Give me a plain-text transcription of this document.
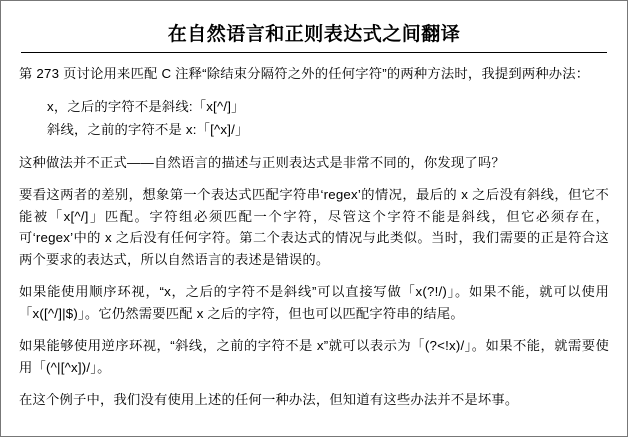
在自然语言和正则表达式之间翻译

第 273 页讨论用来匹配 C 注释“除结束分隔符之外的任何字符”的两种方法时，我提到两种办法：

x，之后的字符不是斜线:「x[^/]」
斜线，之前的字符不是 x:「[^x]/」

这种做法并不正式——自然语言的描述与正则表达式是非常不同的，你发现了吗？

要看这两者的差别，想象第一个表达式匹配字符串‘regex’的情况，最后的 x 之后没有斜线，但它不能被「x[^/]」匹配。字符组必须匹配一个字符，尽管这个字符不能是斜线，但它必须存在，可‘regex’中的 x 之后没有任何字符。第二个表达式的情况与此类似。当时，我们需要的正是符合这两个要求的表达式，所以自然语言的表述是错误的。

如果能使用顺序环视，“x，之后的字符不是斜线”可以直接写做「x(?!/)」。如果不能，就可以使用「x([^/]|$)」。它仍然需要匹配 x 之后的字符，但也可以匹配字符串的结尾。

如果能够使用逆序环视，“斜线，之前的字符不是 x”就可以表示为「(?<!x)/」。如果不能，就需要使用「(^|[^x])/」。

在这个例子中，我们没有使用上述的任何一种办法，但知道有这些办法并不是坏事。
